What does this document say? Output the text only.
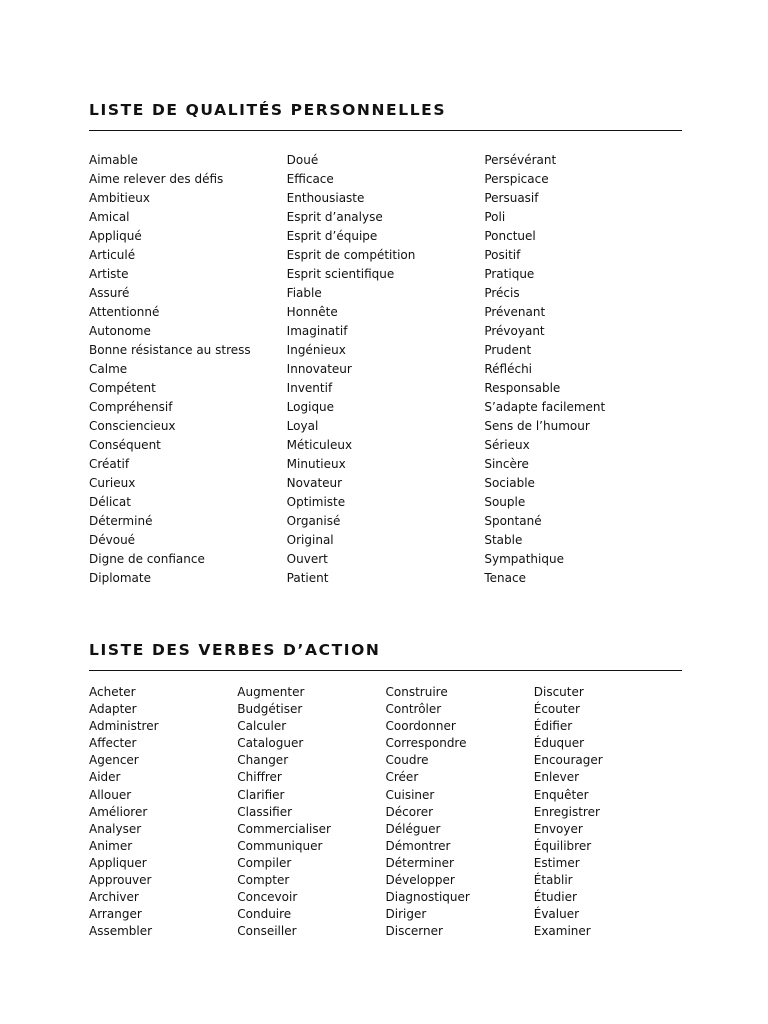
LISTE DE QUALITÉS PERSONNELLES
Aimable
Aime relever des défis
Ambitieux
Amical
Appliqué
Articulé
Artiste
Assuré
Attentionné
Autonome
Bonne résistance au stress
Calme
Compétent
Compréhensif
Consciencieux
Conséquent
Créatif
Curieux
Délicat
Déterminé
Dévoué
Digne de confiance
Diplomate
Doué
Efficace
Enthousiaste
Esprit d’analyse
Esprit d’équipe
Esprit de compétition
Esprit scientifique
Fiable
Honnête
Imaginatif
Ingénieux
Innovateur
Inventif
Logique
Loyal
Méticuleux
Minutieux
Novateur
Optimiste
Organisé
Original
Ouvert
Patient
Persévérant
Perspicace
Persuasif
Poli
Ponctuel
Positif
Pratique
Précis
Prévenant
Prévoyant
Prudent
Réfléchi
Responsable
S’adapte facilement
Sens de l’humour
Sérieux
Sincère
Sociable
Souple
Spontané
Stable
Sympathique
Tenace
LISTE DES VERBES D’ACTION
Acheter
Adapter
Administrer
Affecter
Agencer
Aider
Allouer
Améliorer
Analyser
Animer
Appliquer
Approuver
Archiver
Arranger
Assembler
Augmenter
Budgétiser
Calculer
Cataloguer
Changer
Chiffrer
Clarifier
Classifier
Commercialiser
Communiquer
Compiler
Compter
Concevoir
Conduire
Conseiller
Construire
Contrôler
Coordonner
Correspondre
Coudre
Créer
Cuisiner
Décorer
Déléguer
Démontrer
Déterminer
Développer
Diagnostiquer
Diriger
Discerner
Discuter
Écouter
Édifier
Éduquer
Encourager
Enlever
Enquêter
Enregistrer
Envoyer
Équilibrer
Estimer
Établir
Étudier
Évaluer
Examiner
